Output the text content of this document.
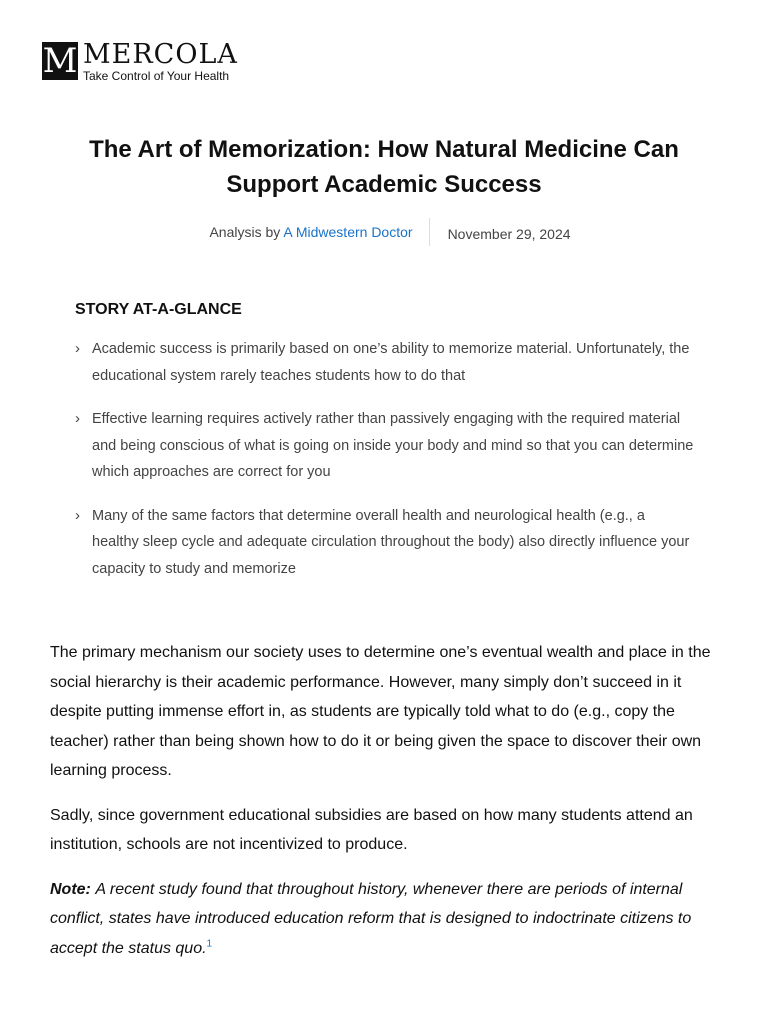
M MERCOLA
Take Control of Your Health
The Art of Memorization: How Natural Medicine Can Support Academic Success
Analysis by A Midwestern Doctor	November 29, 2024
STORY AT-A-GLANCE
› Academic success is primarily based on one’s ability to memorize material. Unfortunately, the educational system rarely teaches students how to do that
› Effective learning requires actively rather than passively engaging with the required material and being conscious of what is going on inside your body and mind so that you can determine which approaches are correct for you
› Many of the same factors that determine overall health and neurological health (e.g., a healthy sleep cycle and adequate circulation throughout the body) also directly influence your capacity to study and memorize

The primary mechanism our society uses to determine one’s eventual wealth and place in the social hierarchy is their academic performance. However, many simply don’t succeed in it despite putting immense effort in, as students are typically told what to do (e.g., copy the teacher) rather than being shown how to do it or being given the space to discover their own learning process.

Sadly, since government educational subsidies are based on how many students attend an institution, schools are not incentivized to produce.

Note: A recent study found that throughout history, whenever there are periods of internal conflict, states have introduced education reform that is designed to indoctrinate citizens to accept the status quo.$^1$
